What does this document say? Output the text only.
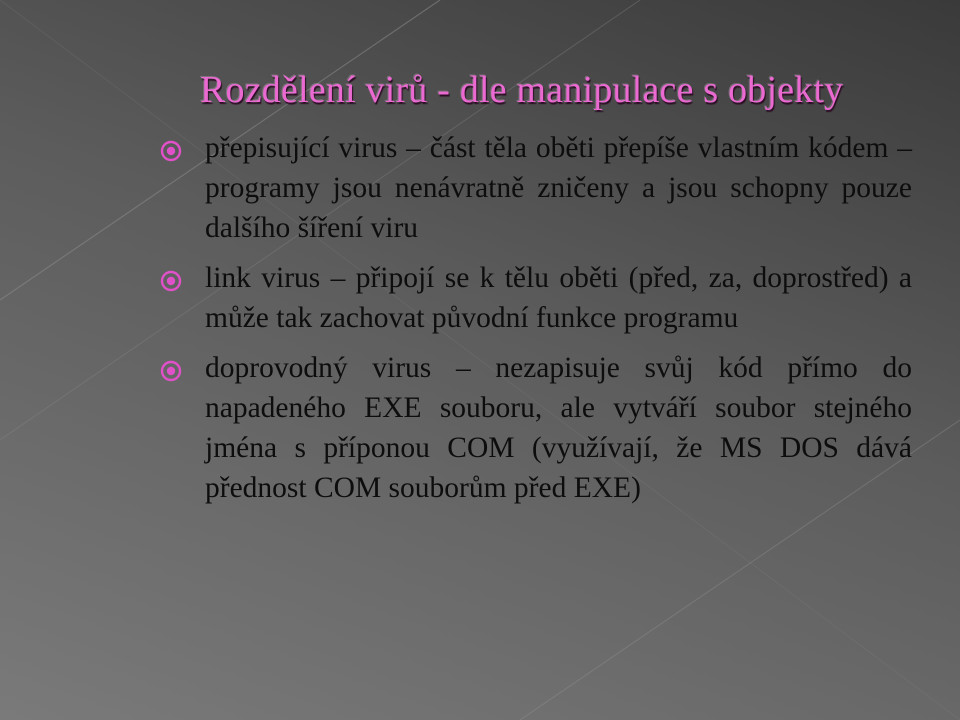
Rozdělení virů - dle manipulace s objekty

přepisující virus – část těla oběti přepíše vlastním kódem – programy jsou nenávratně zničeny a jsou schopny pouze dalšího šíření viru

link virus – připojí se k tělu oběti (před, za, doprostřed) a může tak zachovat původní funkce programu

doprovodný virus – nezapisuje svůj kód přímo do napadeného EXE souboru, ale vytváří soubor stejného jména s příponou COM (využívají, že MS DOS dává přednost COM souborům před EXE)
